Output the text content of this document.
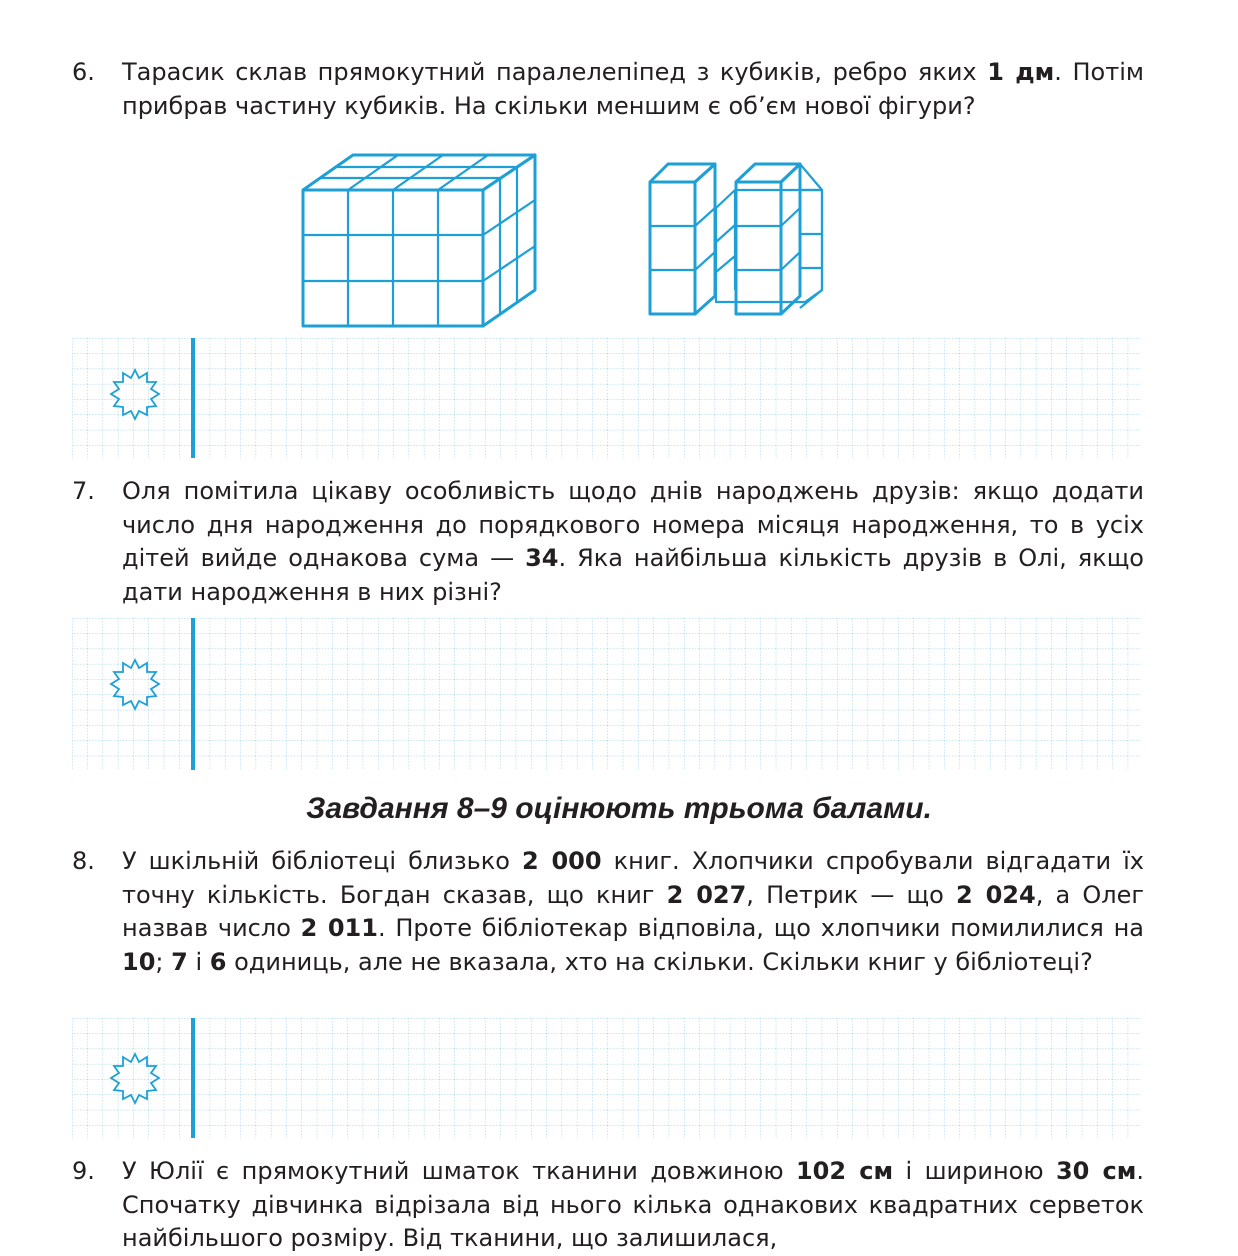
6.	Тарасик склав прямокутний паралелепіпед з кубиків, ребро яких 1 дм. Потім прибрав частину кубиків. На скільки меншим є об’єм нової фігури?
7.	Оля помітила цікаву особливість щодо днів народжень друзів: якщо додати число дня народження до порядкового номера місяця народження, то в усіх дітей вийде однакова сума — 34. Яка найбільша кількість друзів в Олі, якщо дати народження в них різні?
Завдання 8–9 оцінюють трьома балами.
8.	У шкільній бібліотеці близько 2 000 книг. Хлопчики спробували відгадати їх точну кількість. Богдан сказав, що книг 2 027, Петрик — що 2 024, а Олег назвав число 2 011. Проте бібліотекар відповіла, що хлопчики помилилися на 10; 7 і 6 одиниць, але не вказала, хто на скільки. Скільки книг у бібліотеці?
9.	У Юлії є прямокутний шматок тканини довжиною 102 см і шириною 30 см. Спочатку дівчинка відрізала від нього кілька однакових квадратних серветок найбільшого розміру. Від тканини, що залишилася,
